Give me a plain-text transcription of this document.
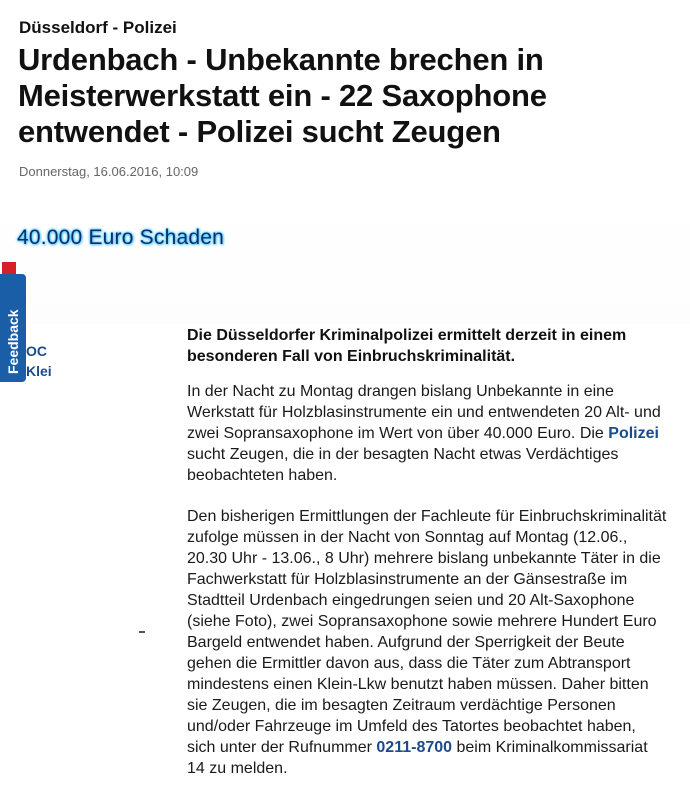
Düsseldorf - Polizei
Urdenbach - Unbekannte brechen in Meisterwerkstatt ein - 22 Saxophone entwendet - Polizei sucht Zeugen
Donnerstag, 16.06.2016, 10:09
40.000 Euro Schaden
Feedback OC
Klei

Die Düsseldorfer Kriminalpolizei ermittelt derzeit in einem besonderen Fall von Einbruchskriminalität.

In der Nacht zu Montag drangen bislang Unbekannte in eine Werkstatt für Holzblasinstrumente ein und entwendeten 20 Alt- und zwei Sopransaxophone im Wert von über 40.000 Euro. Die Polizei sucht Zeugen, die in der besagten Nacht etwas Verdächtiges beobachteten haben.

Den bisherigen Ermittlungen der Fachleute für Einbruchskriminalität zufolge müssen in der Nacht von Sonntag auf Montag (12.06., 20.30 Uhr - 13.06., 8 Uhr) mehrere bislang unbekannte Täter in die Fachwerkstatt für Holzblasinstrumente an der Gänsestraße im Stadtteil Urdenbach eingedrungen seien und 20 Alt-Saxophone (siehe Foto), zwei Sopransaxophone sowie mehrere Hundert Euro Bargeld entwendet haben. Aufgrund der Sperrigkeit der Beute gehen die Ermittler davon aus, dass die Täter zum Abtransport mindestens einen Klein-Lkw benutzt haben müssen. Daher bitten sie Zeugen, die im besagten Zeitraum verdächtige Personen und/oder Fahrzeuge im Umfeld des Tatortes beobachtet haben, sich unter der Rufnummer 0211-8700 beim Kriminalkommissariat 14 zu melden.
